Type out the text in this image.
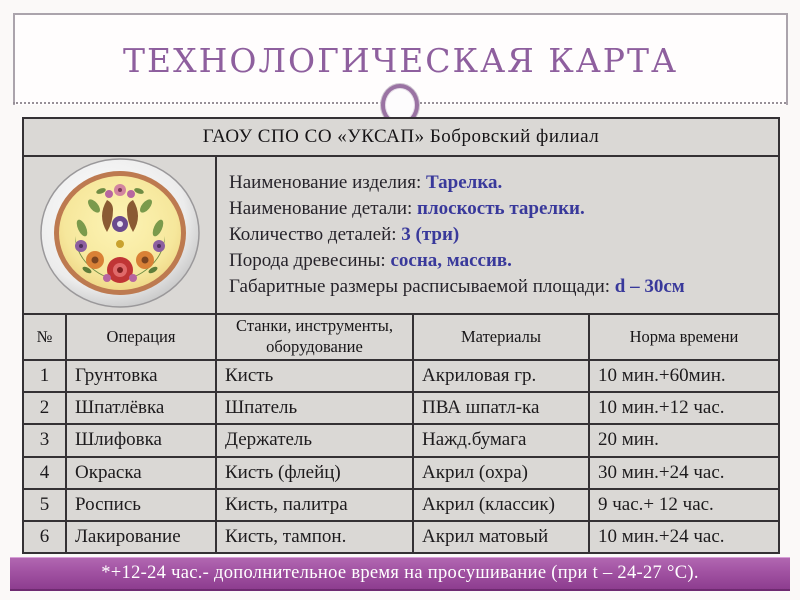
ТЕХНОЛОГИЧЕСКАЯ КАРТА
ГАОУ СПО СО «УКСАП» Бобровский филиал				

Наименование изделия: Тарелка.
Наименование детали: плоскость тарелки.
Количество деталей: 3 (три)
Порода древесины: сосна, массив.
Габаритные размеры расписываемой площади: d – 30см		

№	Операция	Станки, инструменты, оборудование	Материалы	Норма времени
1	Грунтовка	Кисть	Акриловая гр.	10 мин.+60мин.
2	Шпатлёвка	Шпатель	ПВА шпатл-ка	10 мин.+12 час.
3	Шлифовка	Держатель	Нажд.бумага	20 мин.
4	Окраска	Кисть (флейц)	Акрил (охра)	30 мин.+24 час.
5	Роспись	Кисть, палитра	Акрил (классик)	9 час.+ 12 час.
6	Лакирование	Кисть, тампон.	Акрил матовый	10 мин.+24 час.
*+12-24 час.- дополнительное время на просушивание (при t – 24-27 °С).
